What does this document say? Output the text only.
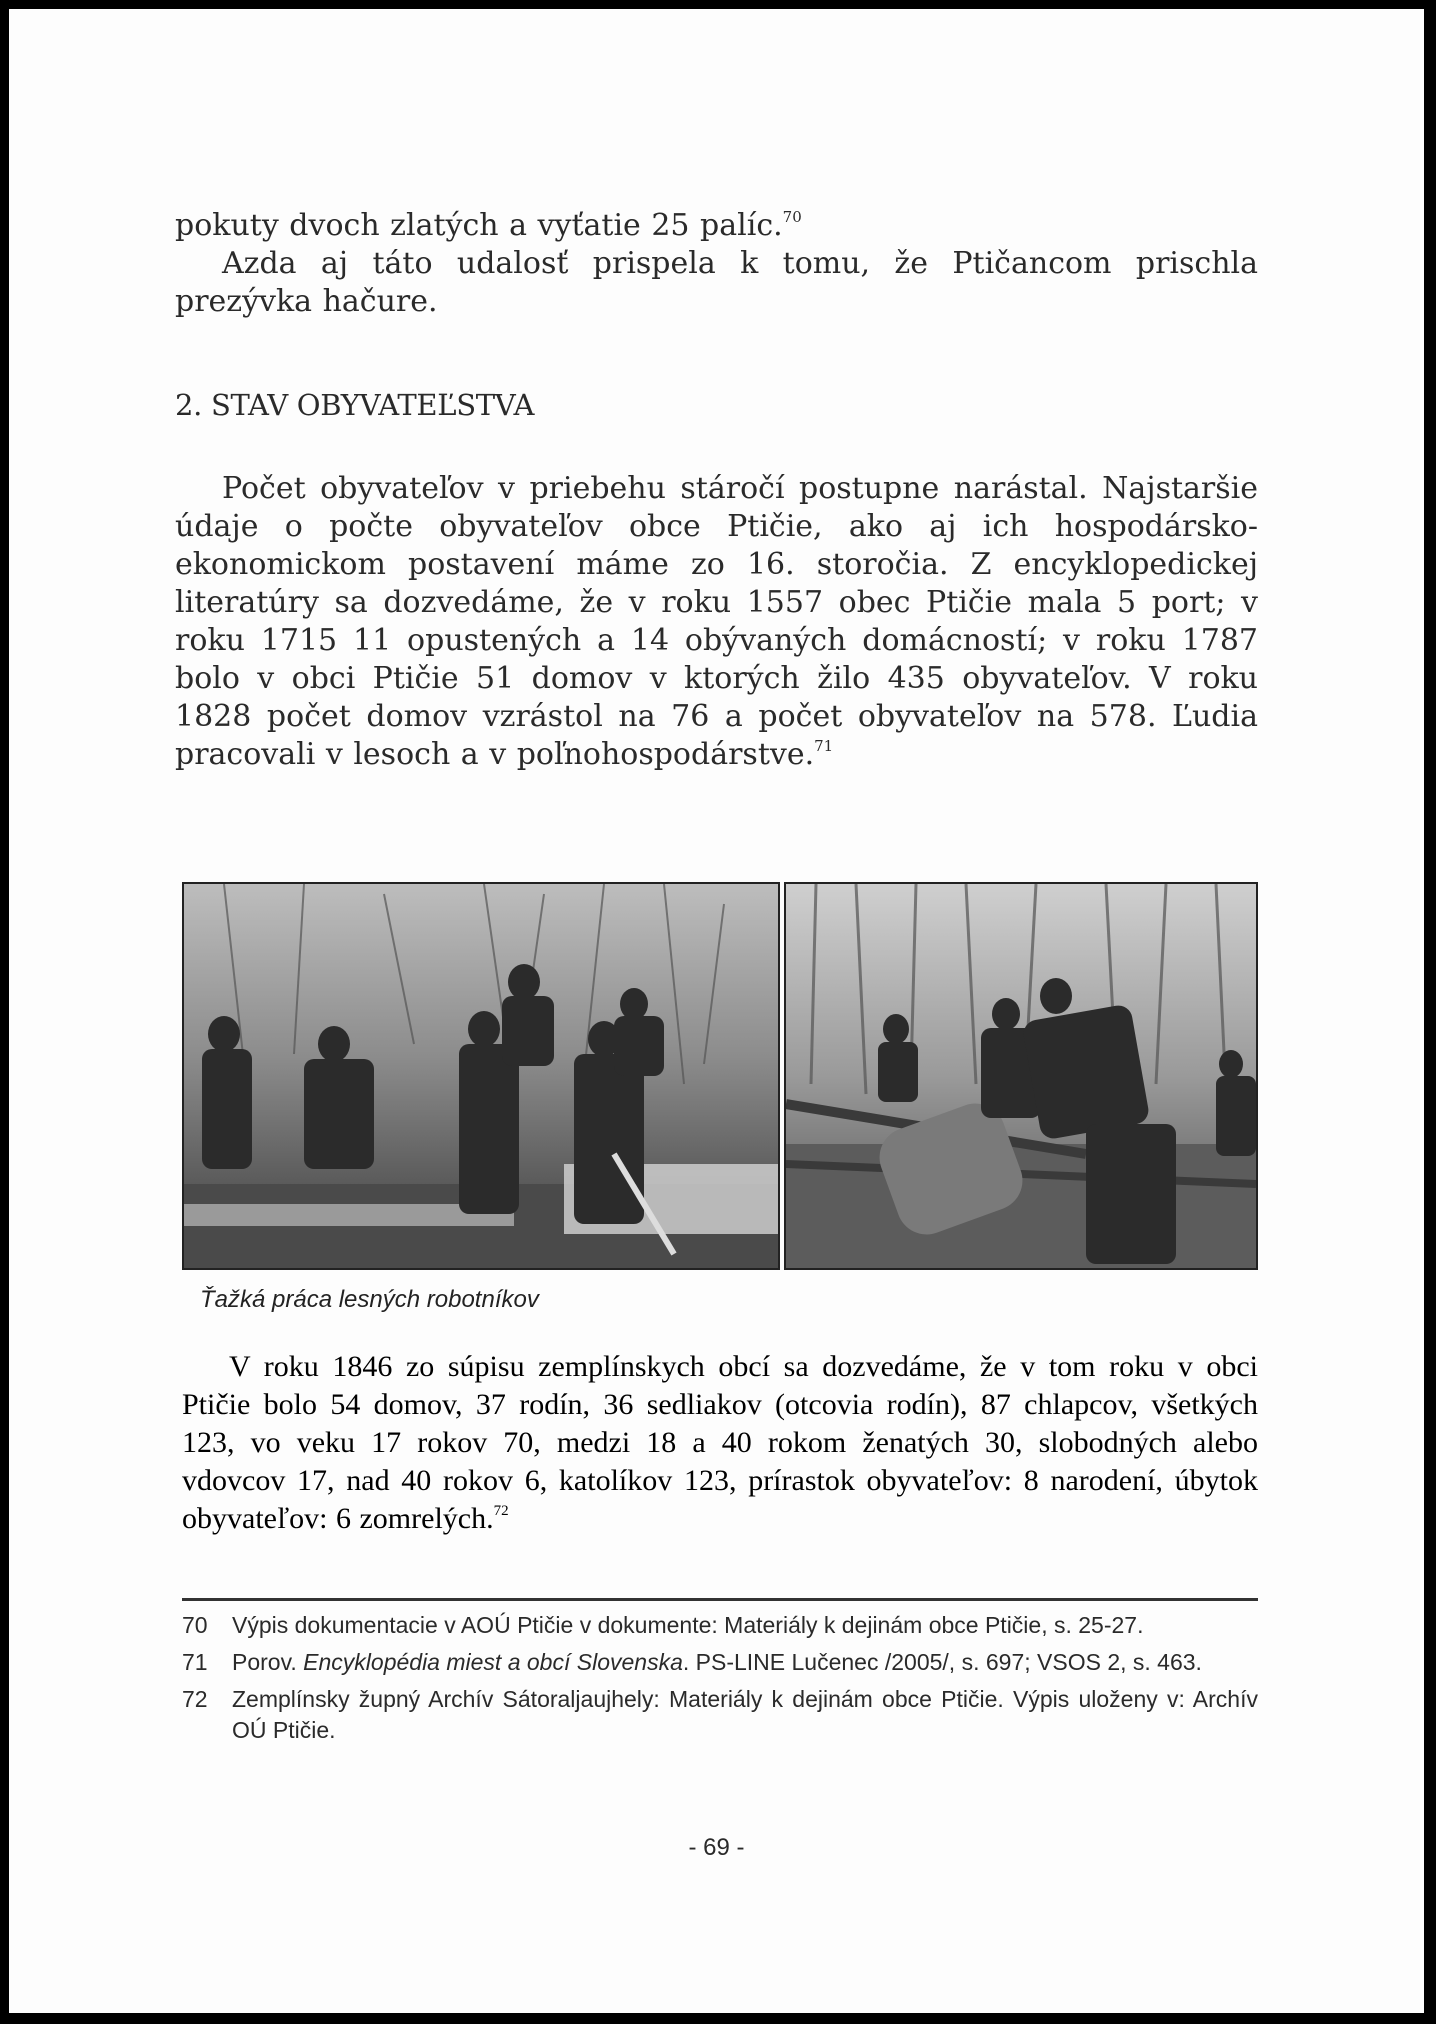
pokuty dvoch zlatých a vyťatie 25 palíc.$^{70}$

Azda aj táto udalosť prispela k tomu, že Ptičancom prischla prezývka hačure.

2. STAV OBYVATEĽSTVA

Počet obyvateľov v priebehu stáročí postupne narástal. Najstaršie údaje o počte obyvateľov obce Ptičie, ako aj ich hospodársko-ekonomickom postavení máme zo 16. storočia. Z encyklopedickej literatúry sa dozvedáme, že v roku 1557 obec Ptičie mala 5 port; v roku 1715 11 opustených a 14 obývaných domácností; v roku 1787 bolo v obci Ptičie 51 domov v ktorých žilo 435 obyvateľov. V roku 1828 počet domov vzrástol na 76 a počet obyvateľov na 578. Ľudia pracovali v lesoch a v poľnohospodárstve.$^{71}$

Ťažká práca lesných robotníkov

V roku 1846 zo súpisu zemplínskych obcí sa dozvedáme, že v tom roku v obci Ptičie bolo 54 domov, 37 rodín, 36 sedliakov (otcovia rodín), 87 chlapcov, všetkých 123, vo veku 17 rokov 70, medzi 18 a 40 rokom ženatých 30, slobodných alebo vdovcov 17, nad 40 rokov 6, katolíkov 123, prírastok obyvateľov: 8 narodení, úbytok obyvateľov: 6 zomrelých.$^{72}$

70	Výpis dokumentacie v AOÚ Ptičie v dokumente: Materiály k dejinám obce Ptičie, s. 25-27.
71	Porov. Encyklopédia miest a obcí Slovenska. PS-LINE Lučenec /2005/, s. 697; VSOS 2, s. 463.
72	Zemplínsky župný Archív Sátoraljaujhely: Materiály k dejinám obce Ptičie. Výpis uloženy v: Archív OÚ Ptičie.
- 69 -
